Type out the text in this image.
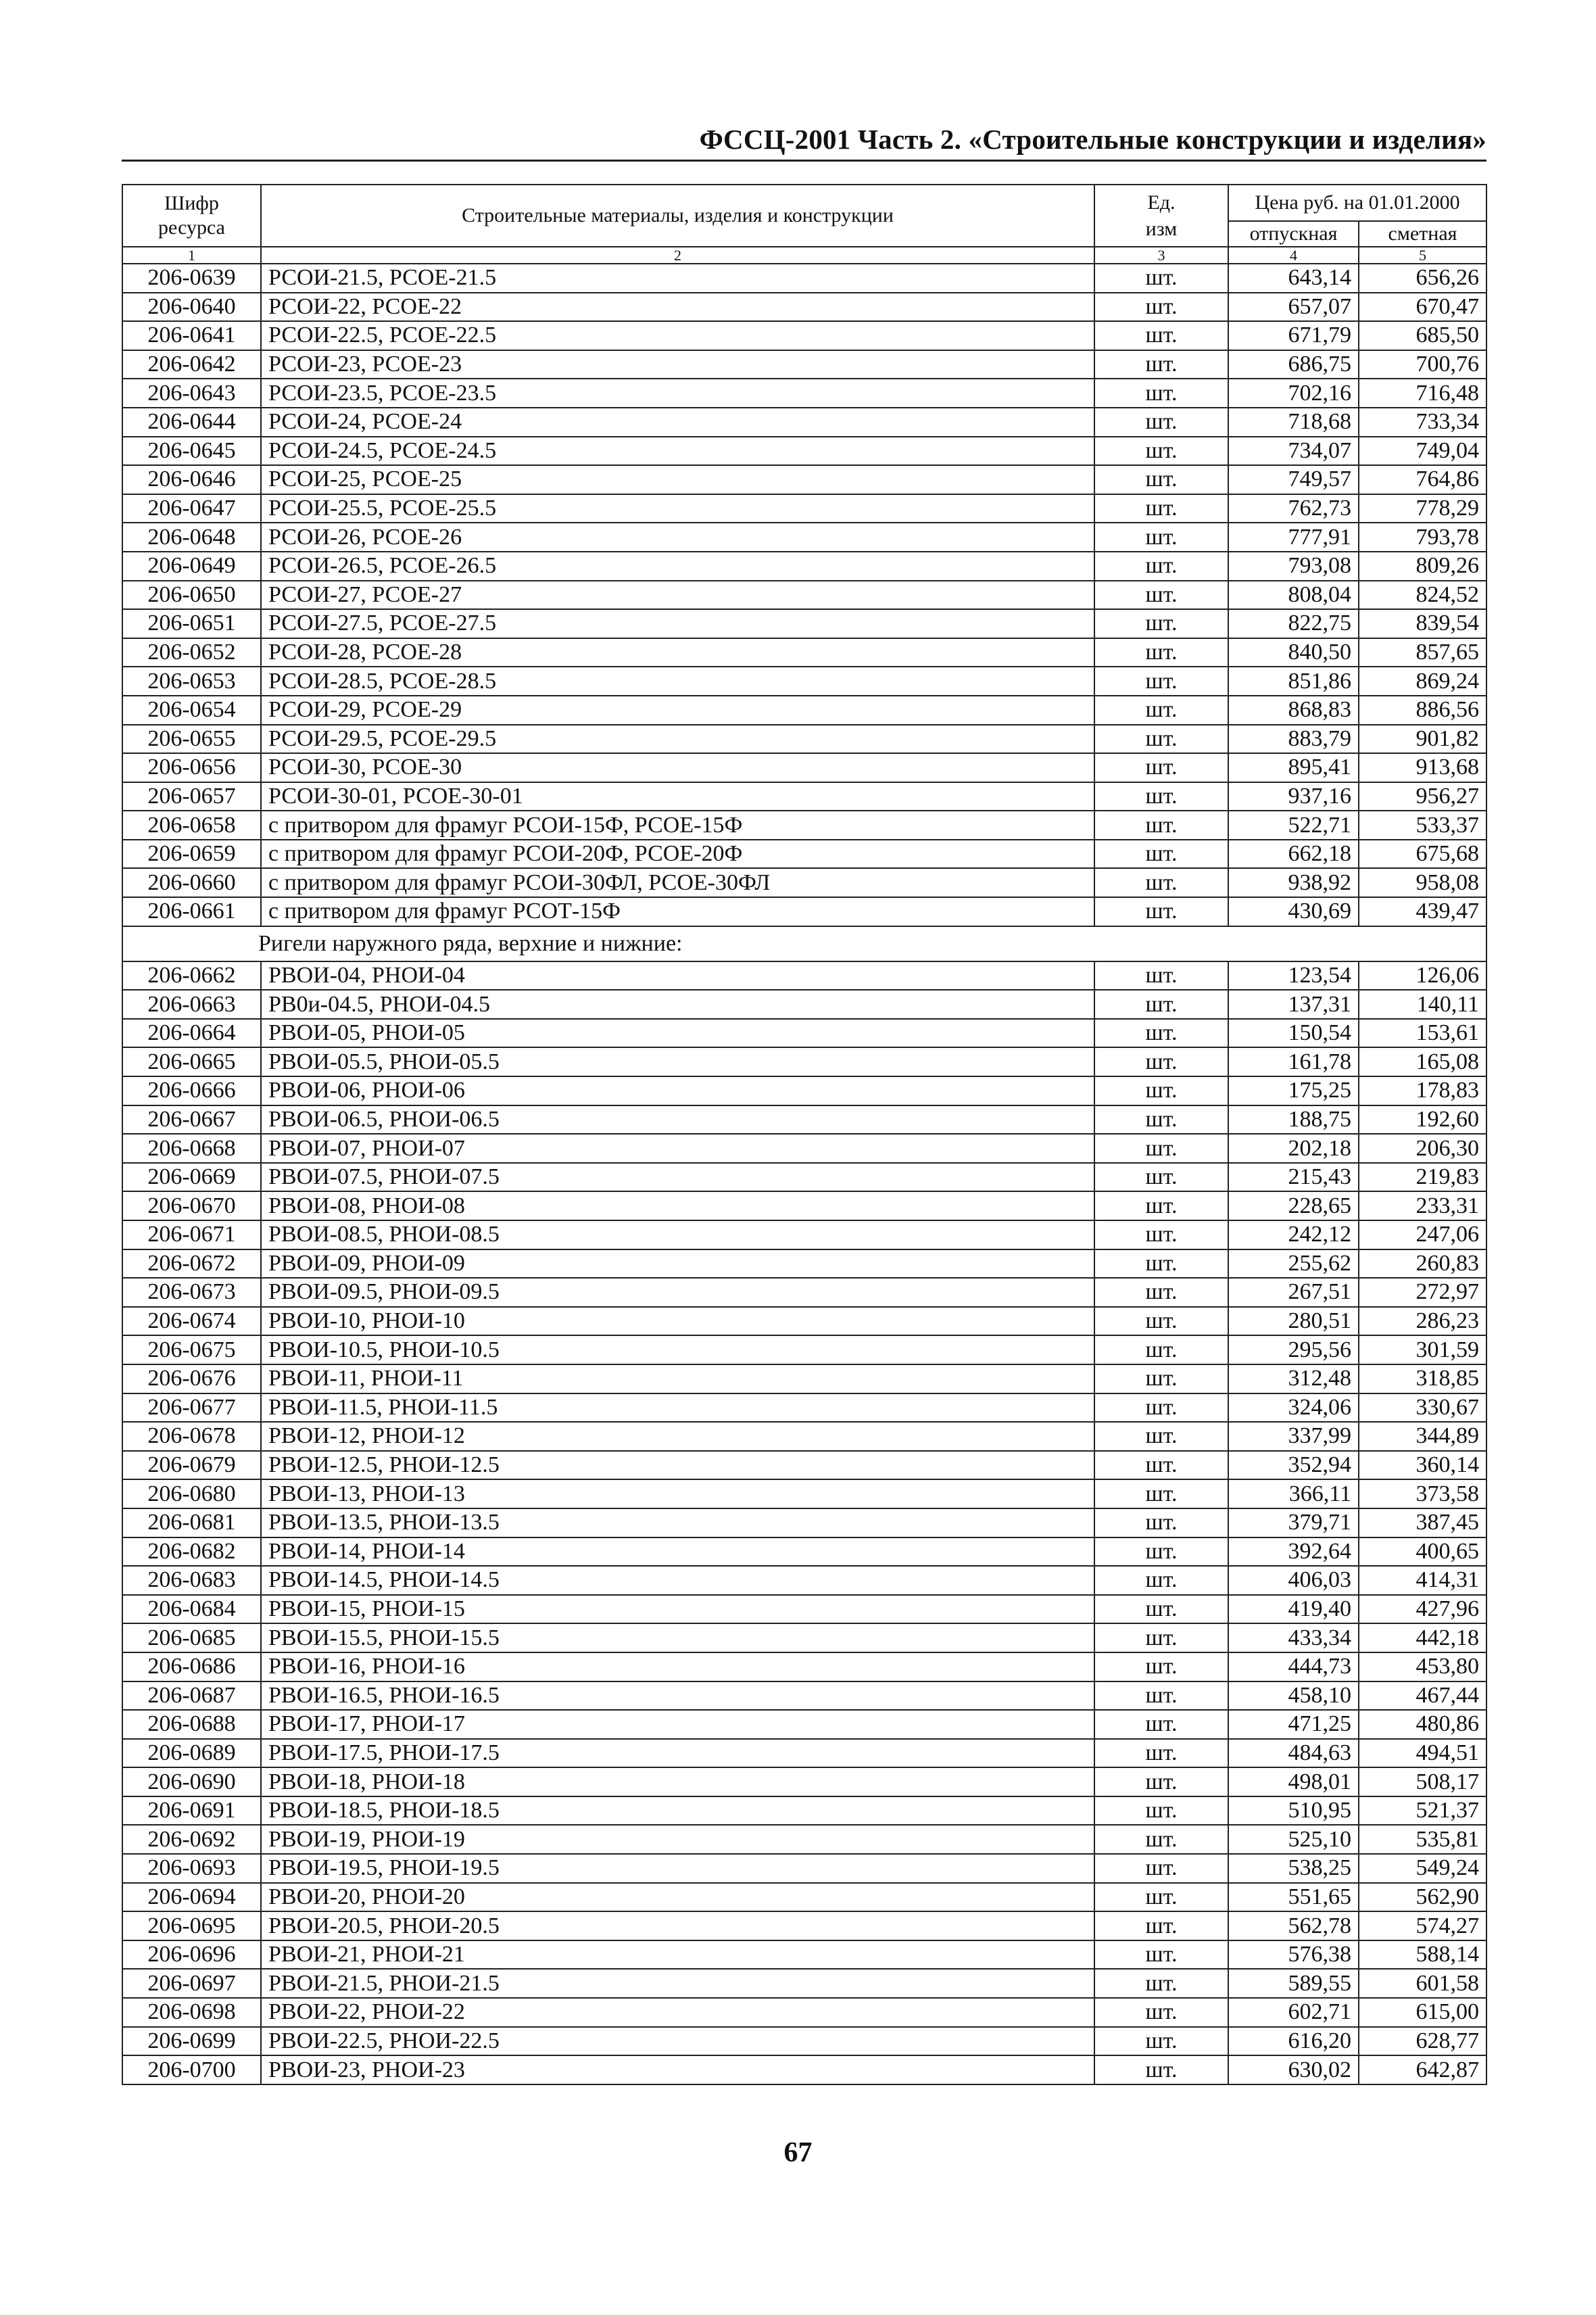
ФССЦ-2001 Часть 2. «Строительные конструкции и изделия»
Шифр ресурса	Строительные материалы, изделия и конструкции	Ед. изм	Цена руб. на 01.01.2000	
			отпускная	сметная
1	2	3	4	5
206-0639	РСОИ-21.5, РСОЕ-21.5	шт.	643,14	656,26
206-0640	РСОИ-22, РСОЕ-22	шт.	657,07	670,47
206-0641	РСОИ-22.5, РСОЕ-22.5	шт.	671,79	685,50
206-0642	РСОИ-23, РСОЕ-23	шт.	686,75	700,76
206-0643	РСОИ-23.5, РСОЕ-23.5	шт.	702,16	716,48
206-0644	РСОИ-24, РСОЕ-24	шт.	718,68	733,34
206-0645	РСОИ-24.5, РСОЕ-24.5	шт.	734,07	749,04
206-0646	РСОИ-25, РСОЕ-25	шт.	749,57	764,86
206-0647	РСОИ-25.5, РСОЕ-25.5	шт.	762,73	778,29
206-0648	РСОИ-26, РСОЕ-26	шт.	777,91	793,78
206-0649	РСОИ-26.5, РСОЕ-26.5	шт.	793,08	809,26
206-0650	РСОИ-27, РСОЕ-27	шт.	808,04	824,52
206-0651	РСОИ-27.5, РСОЕ-27.5	шт.	822,75	839,54
206-0652	РСОИ-28, РСОЕ-28	шт.	840,50	857,65
206-0653	РСОИ-28.5, РСОЕ-28.5	шт.	851,86	869,24
206-0654	РСОИ-29, РСОЕ-29	шт.	868,83	886,56
206-0655	РСОИ-29.5, РСОЕ-29.5	шт.	883,79	901,82
206-0656	РСОИ-30, РСОЕ-30	шт.	895,41	913,68
206-0657	РСОИ-30-01, РСОЕ-30-01	шт.	937,16	956,27
206-0658	с притвором для фрамуг РСОИ-15Ф, РСОЕ-15Ф	шт.	522,71	533,37
206-0659	с притвором для фрамуг РСОИ-20Ф, РСОЕ-20Ф	шт.	662,18	675,68
206-0660	с притвором для фрамуг РСОИ-30ФЛ, РСОЕ-30ФЛ	шт.	938,92	958,08
206-0661	с притвором для фрамуг РСОТ-15Ф	шт.	430,69	439,47
Ригели наружного ряда, верхние и нижние:				
206-0662	РВОИ-04, РНОИ-04	шт.	123,54	126,06
206-0663	РВ0и-04.5, РНОИ-04.5	шт.	137,31	140,11
206-0664	РВОИ-05, РНОИ-05	шт.	150,54	153,61
206-0665	РВОИ-05.5, РНОИ-05.5	шт.	161,78	165,08
206-0666	РВОИ-06, РНОИ-06	шт.	175,25	178,83
206-0667	РВОИ-06.5, РНОИ-06.5	шт.	188,75	192,60
206-0668	РВОИ-07, РНОИ-07	шт.	202,18	206,30
206-0669	РВОИ-07.5, РНОИ-07.5	шт.	215,43	219,83
206-0670	РВОИ-08, РНОИ-08	шт.	228,65	233,31
206-0671	РВОИ-08.5, РНОИ-08.5	шт.	242,12	247,06
206-0672	РВОИ-09, РНОИ-09	шт.	255,62	260,83
206-0673	РВОИ-09.5, РНОИ-09.5	шт.	267,51	272,97
206-0674	РВОИ-10, РНОИ-10	шт.	280,51	286,23
206-0675	РВОИ-10.5, РНОИ-10.5	шт.	295,56	301,59
206-0676	РВОИ-11, РНОИ-11	шт.	312,48	318,85
206-0677	РВОИ-11.5, РНОИ-11.5	шт.	324,06	330,67
206-0678	РВОИ-12, РНОИ-12	шт.	337,99	344,89
206-0679	РВОИ-12.5, РНОИ-12.5	шт.	352,94	360,14
206-0680	РВОИ-13, РНОИ-13	шт.	366,11	373,58
206-0681	РВОИ-13.5, РНОИ-13.5	шт.	379,71	387,45
206-0682	РВОИ-14, РНОИ-14	шт.	392,64	400,65
206-0683	РВОИ-14.5, РНОИ-14.5	шт.	406,03	414,31
206-0684	РВОИ-15, РНОИ-15	шт.	419,40	427,96
206-0685	РВОИ-15.5, РНОИ-15.5	шт.	433,34	442,18
206-0686	РВОИ-16, РНОИ-16	шт.	444,73	453,80
206-0687	РВОИ-16.5, РНОИ-16.5	шт.	458,10	467,44
206-0688	РВОИ-17, РНОИ-17	шт.	471,25	480,86
206-0689	РВОИ-17.5, РНОИ-17.5	шт.	484,63	494,51
206-0690	РВОИ-18, РНОИ-18	шт.	498,01	508,17
206-0691	РВОИ-18.5, РНОИ-18.5	шт.	510,95	521,37
206-0692	РВОИ-19, РНОИ-19	шт.	525,10	535,81
206-0693	РВОИ-19.5, РНОИ-19.5	шт.	538,25	549,24
206-0694	РВОИ-20, РНОИ-20	шт.	551,65	562,90
206-0695	РВОИ-20.5, РНОИ-20.5	шт.	562,78	574,27
206-0696	РВОИ-21, РНОИ-21	шт.	576,38	588,14
206-0697	РВОИ-21.5, РНОИ-21.5	шт.	589,55	601,58
206-0698	РВОИ-22, РНОИ-22	шт.	602,71	615,00
206-0699	РВОИ-22.5, РНОИ-22.5	шт.	616,20	628,77
206-0700	РВОИ-23, РНОИ-23	шт.	630,02	642,87
67
